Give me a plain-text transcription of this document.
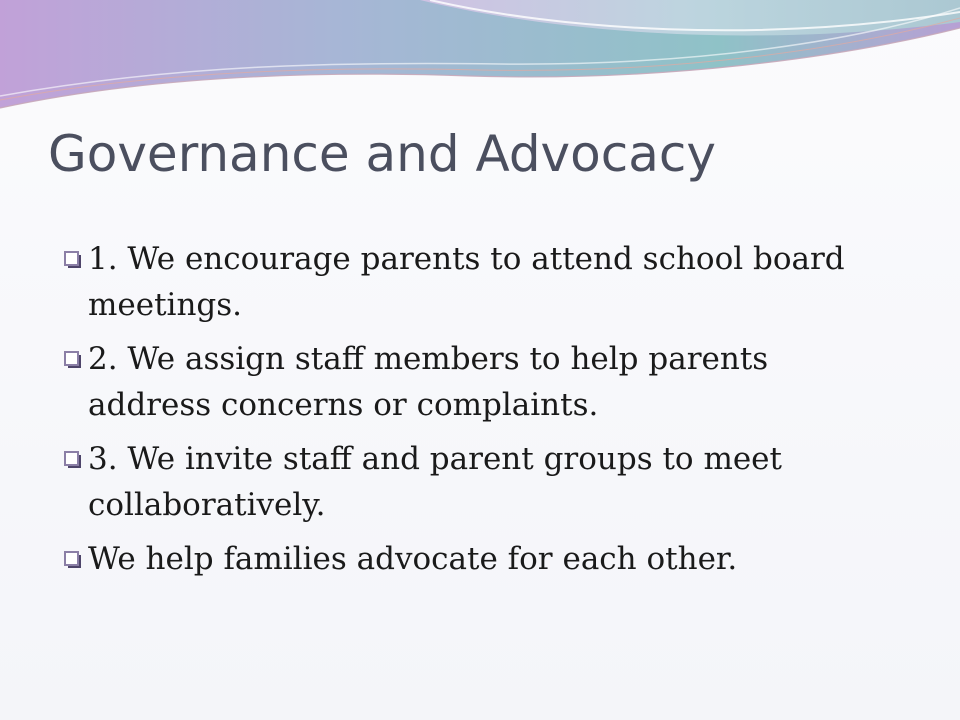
Governance and Advocacy
1. We encourage parents to attend school board meetings.
2. We assign staff members to help parents address concerns or complaints.
3. We invite staff and parent groups to meet collaboratively.
We help families advocate for each other.
